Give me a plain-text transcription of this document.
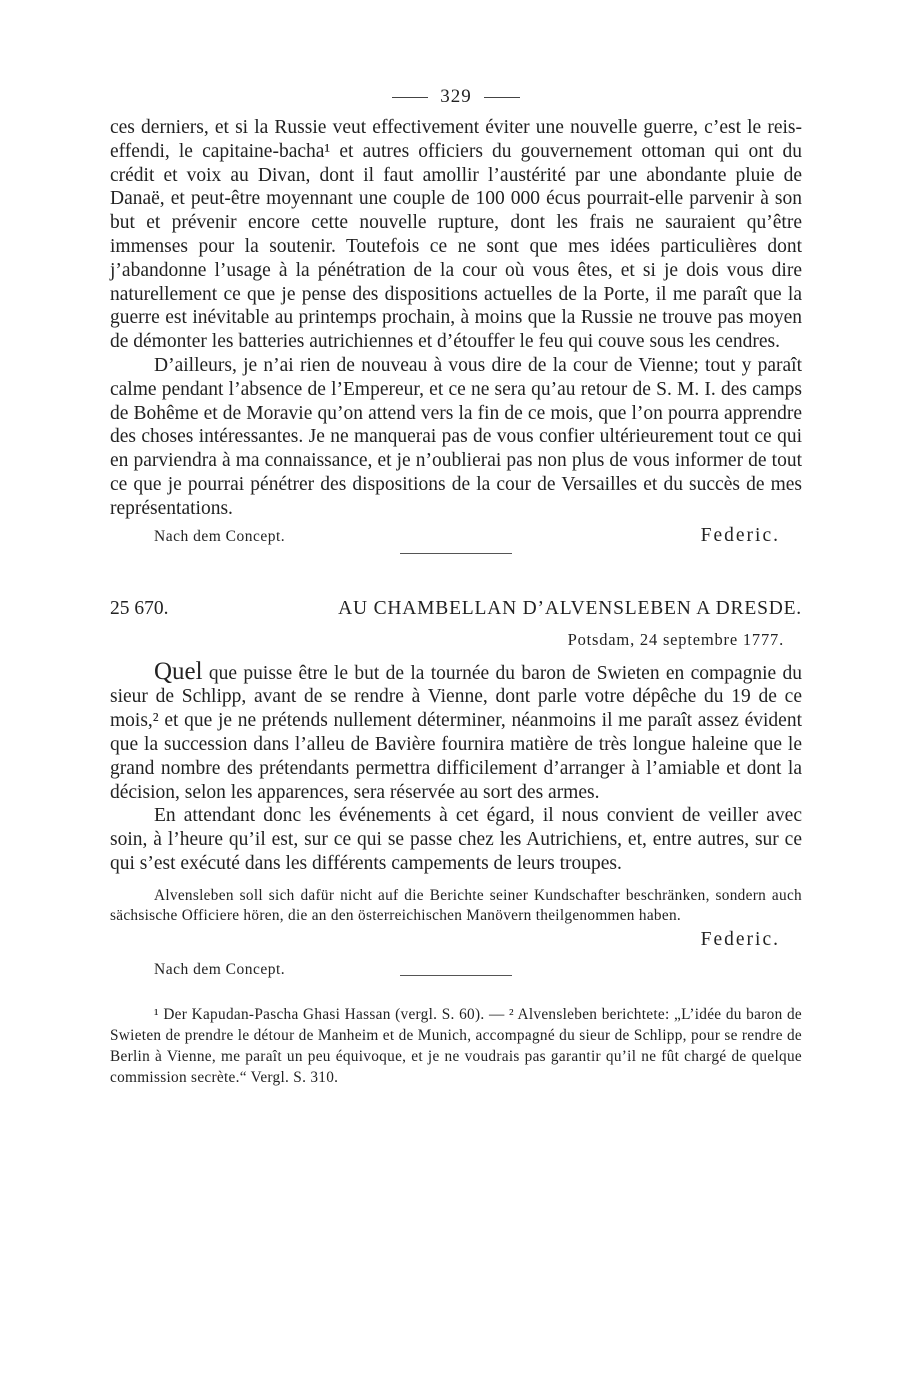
329

ces derniers, et si la Russie veut effectivement éviter une nouvelle guerre, c’est le reis-effendi, le capitaine-bacha¹ et autres officiers du gouvernement ottoman qui ont du crédit et voix au Divan, dont il faut amollir l’austérité par une abondante pluie de Danaë, et peut-être moyennant une couple de 100 000 écus pourrait-elle parvenir à son but et prévenir encore cette nouvelle rupture, dont les frais ne sauraient qu’être immenses pour la soutenir. Toutefois ce ne sont que mes idées particulières dont j’abandonne l’usage à la pénétration de la cour où vous êtes, et si je dois vous dire naturellement ce que je pense des dispositions actuelles de la Porte, il me paraît que la guerre est inévitable au printemps prochain, à moins que la Russie ne trouve pas moyen de démonter les batteries autrichiennes et d’étouffer le feu qui couve sous les cendres.

D’ailleurs, je n’ai rien de nouveau à vous dire de la cour de Vienne; tout y paraît calme pendant l’absence de l’Empereur, et ce ne sera qu’au retour de S. M. I. des camps de Bohême et de Moravie qu’on attend vers la fin de ce mois, que l’on pourra apprendre des choses intéressantes. Je ne manquerai pas de vous confier ultérieurement tout ce qui en parviendra à ma connaissance, et je n’oublierai pas non plus de vous informer de tout ce que je pourrai pénétrer des dispositions de la cour de Versailles et du succès de mes représentations.

Nach dem Concept.	Federic.
25 670.	AU CHAMBELLAN D’ALVENSLEBEN A DRESDE.
Potsdam, 24 septembre 1777.

Quel que puisse être le but de la tournée du baron de Swieten en compagnie du sieur de Schlipp, avant de se rendre à Vienne, dont parle votre dépêche du 19 de ce mois,² et que je ne prétends nullement déterminer, néanmoins il me paraît assez évident que la succession dans l’alleu de Bavière fournira matière de très longue haleine que le grand nombre des prétendants permettra difficilement d’arranger à l’amiable et dont la décision, selon les apparences, sera réservée au sort des armes.

En attendant donc les événements à cet égard, il nous convient de veiller avec soin, à l’heure qu’il est, sur ce qui se passe chez les Autrichiens, et, entre autres, sur ce qui s’est exécuté dans les différents campements de leurs troupes.

Alvensleben soll sich dafür nicht auf die Berichte seiner Kundschafter beschränken, sondern auch sächsische Officiere hören, die an den österreichischen Manövern theilgenommen haben.

Federic.
Nach dem Concept.

¹ Der Kapudan-Pascha Ghasi Hassan (vergl. S. 60). — ² Alvensleben berichtete: „L’idée du baron de Swieten de prendre le détour de Manheim et de Munich, accompagné du sieur de Schlipp, pour se rendre de Berlin à Vienne, me paraît un peu équivoque, et je ne voudrais pas garantir qu’il ne fût chargé de quelque commission secrète.“ Vergl. S. 310.
